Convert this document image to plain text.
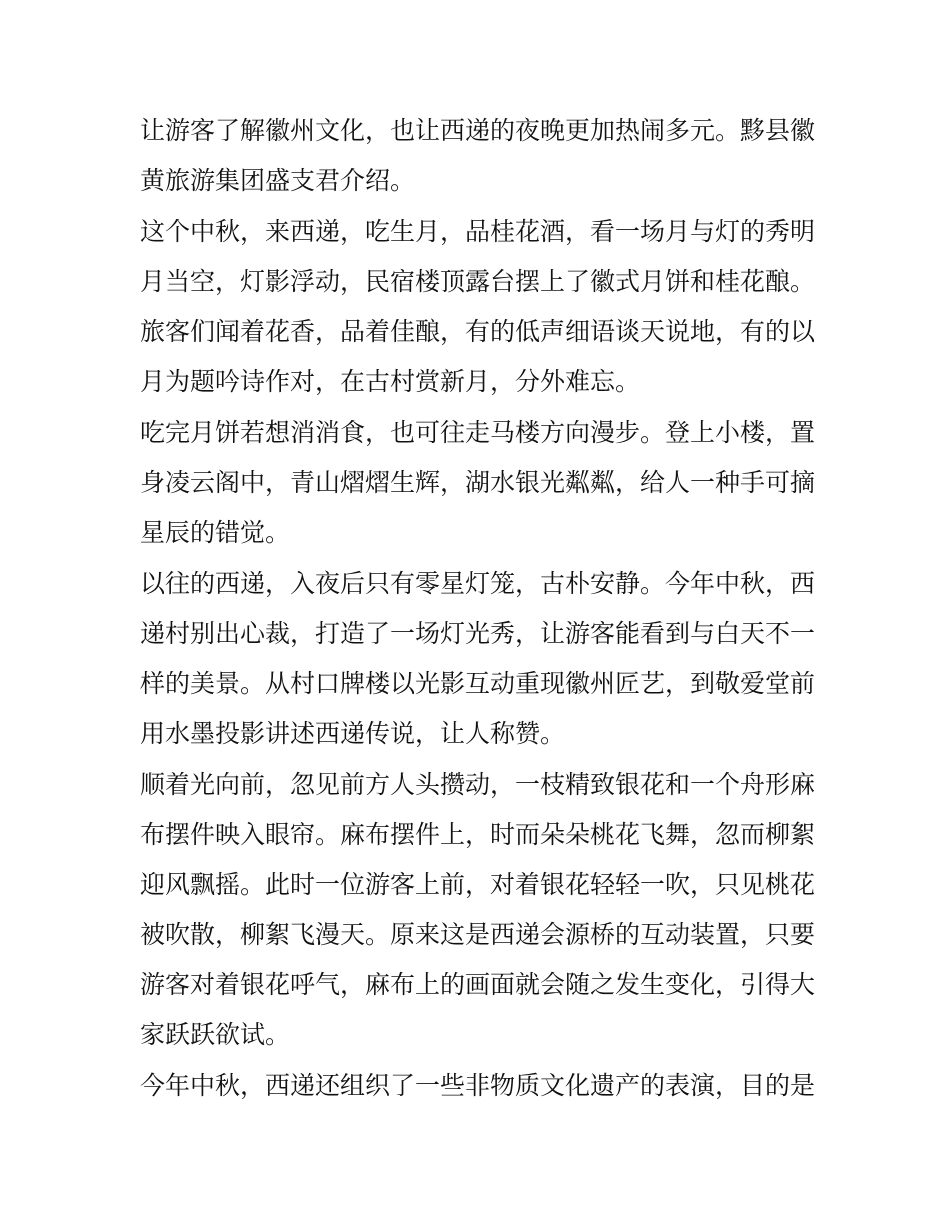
让游客了解徽州文化，也让西递的夜晚更加热闹多元。黟县徽
黄旅游集团盛支君介绍。
这个中秋，来西递，吃生月，品桂花酒，看一场月与灯的秀明
月当空，灯影浮动，民宿楼顶露台摆上了徽式月饼和桂花酿。
旅客们闻着花香，品着佳酿，有的低声细语谈天说地，有的以
月为题吟诗作对，在古村赏新月，分外难忘。
吃完月饼若想消消食，也可往走马楼方向漫步。登上小楼，置
身凌云阁中，青山熠熠生辉，湖水银光粼粼，给人一种手可摘
星辰的错觉。
以往的西递，入夜后只有零星灯笼，古朴安静。今年中秋，西
递村别出心裁，打造了一场灯光秀，让游客能看到与白天不一
样的美景。从村口牌楼以光影互动重现徽州匠艺，到敬爱堂前
用水墨投影讲述西递传说，让人称赞。
顺着光向前，忽见前方人头攒动，一枝精致银花和一个舟形麻
布摆件映入眼帘。麻布摆件上，时而朵朵桃花飞舞，忽而柳絮
迎风飘摇。此时一位游客上前，对着银花轻轻一吹，只见桃花
被吹散，柳絮飞漫天。原来这是西递会源桥的互动装置，只要
游客对着银花呼气，麻布上的画面就会随之发生变化，引得大
家跃跃欲试。
今年中秋，西递还组织了一些非物质文化遗产的表演，目的是
